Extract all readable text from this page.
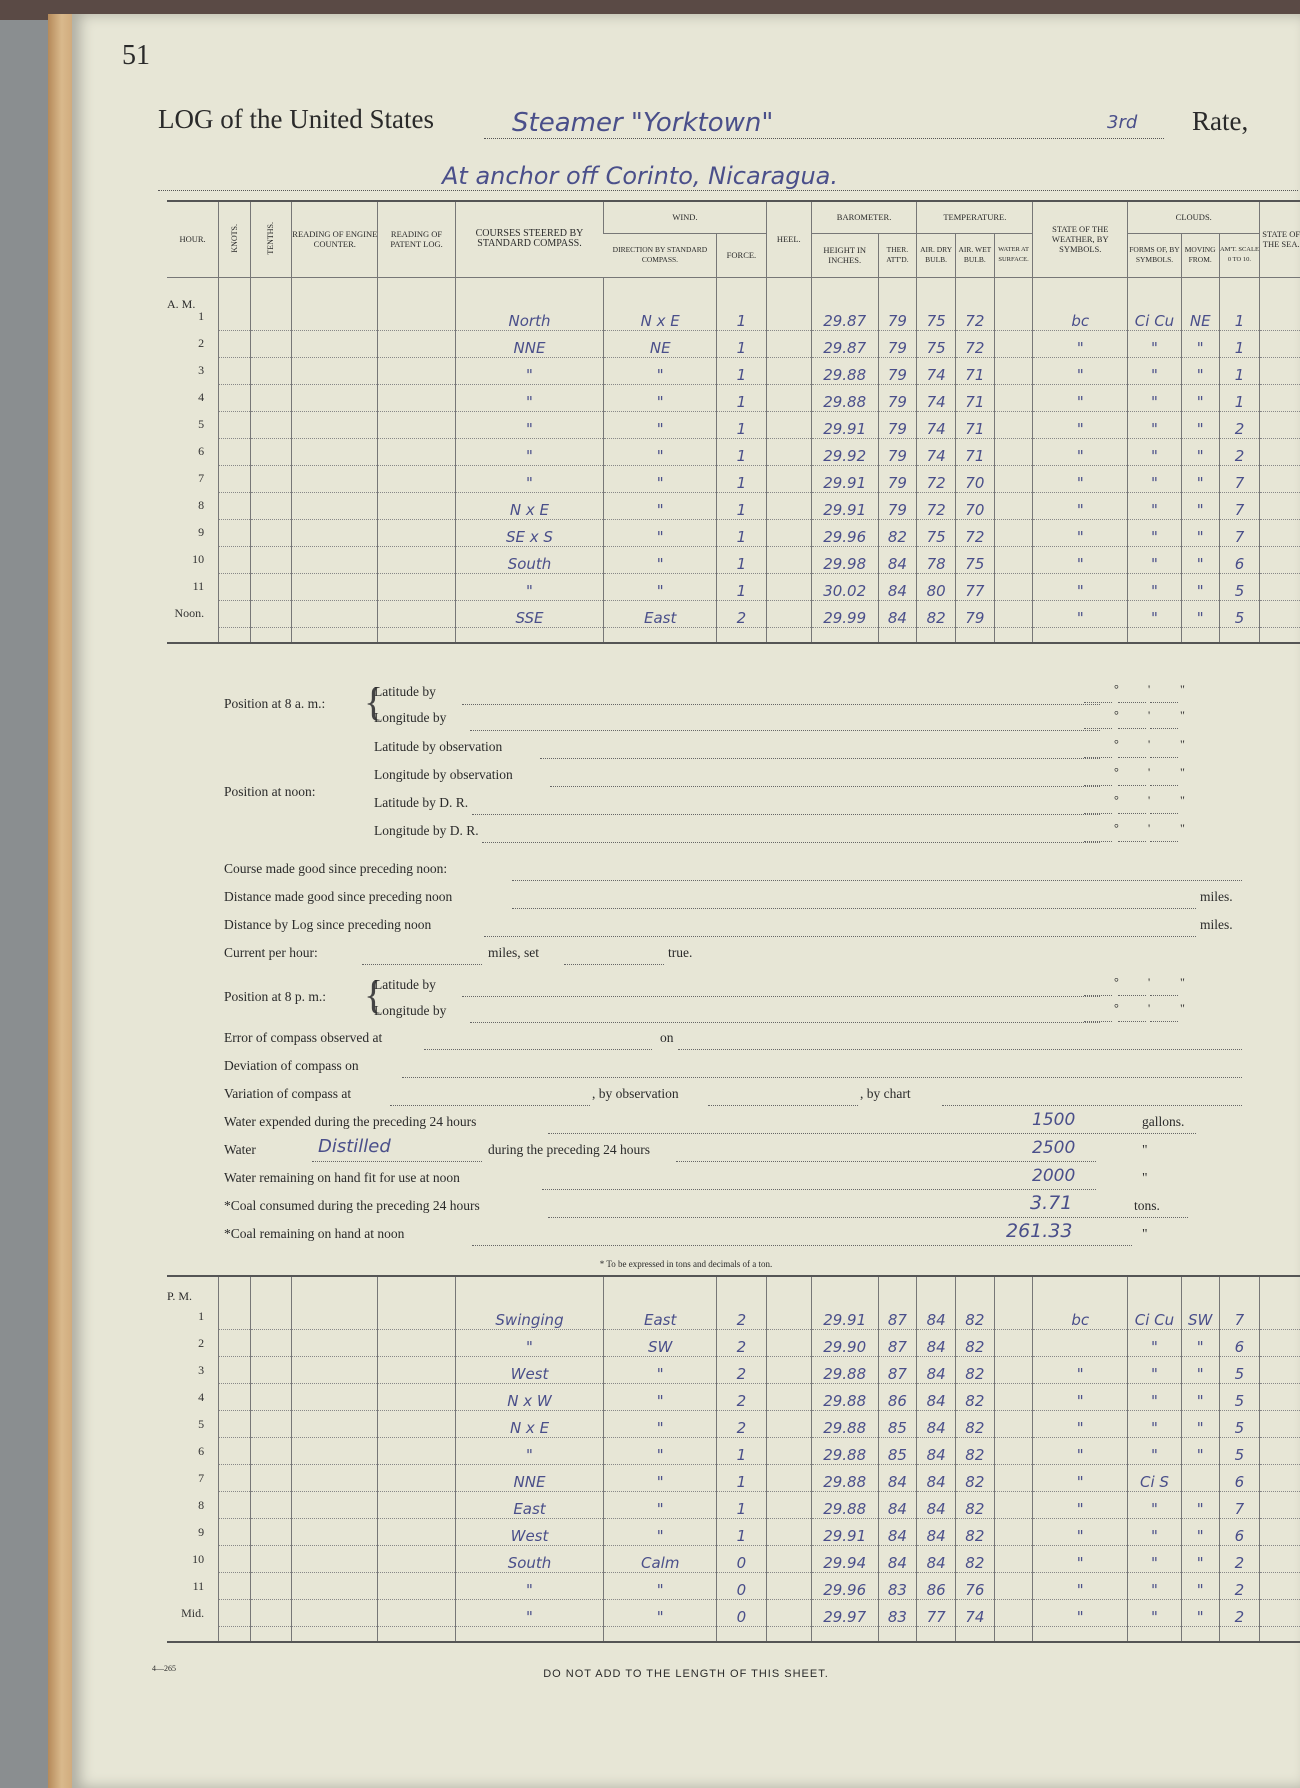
51
LOG of the United States	Steamer "Yorktown"	3rd Rate,
At anchor off Corinto, Nicaragua.
HOUR.	KNOTS.	TENTHS.	READING OF ENGINE COUNTER.	READING OF PATENT LOG.	COURSES STEERED BY STANDARD COMPASS.	WIND.		HEEL.	BAROMETER.		TEMPERATURE.			STATE OF THE WEATHER, BY SYMBOLS.	CLOUDS.			STATE OF THE SEA.
						DIRECTION BY STANDARD COMPASS.	FORCE.		HEIGHT IN INCHES.	THER. ATT'D.	AIR. DRY BULB.	AIR. WET BULB.	WATER AT SURFACE.		FORMS OF, BY SYMBOLS.	MOVING FROM.	AM'T. SCALE 0 TO 10.	

1					North	N x E	1		29.87	79	75	72		bc	Ci Cu	NE	1	
2					NNE	NE	1		29.87	79	75	72		"	"	"	1	
3					"	"	1		29.88	79	74	71		"	"	"	1	
4					"	"	1		29.88	79	74	71		"	"	"	1	
5					"	"	1		29.91	79	74	71		"	"	"	2	
6					"	"	1		29.92	79	74	71		"	"	"	2	
7					"	"	1		29.91	79	72	70		"	"	"	7	
8					N x E	"	1		29.91	79	72	70		"	"	"	7	
9					SE x S	"	1		29.96	82	75	72		"	"	"	7	
10					South	"	1		29.98	84	78	75		"	"	"	6	
11					"	"	1		30.02	84	80	77		"	"	"	5	
Noon.					SSE	East	2		29.99	84	82	79		"	"	"	5	

A. M.
Position at 8 a. m.: {
Latitude by
Longitude by
Position at noon:
Latitude by observation
Longitude by observation
Latitude by D. R.
Longitude by D. R.
Course made good since preceding noon:
Distance made good since preceding noon	miles.
Distance by Log since preceding noon	miles.
Current per hour:	miles, set	true.
Position at 8 p. m.: {
Latitude by
Longitude by
Error of compass observed at	on
Deviation of compass on
Variation of compass at	, by observation	, by chart
Water expended during the preceding 24 hours	1500	gallons.
Water	Distilled	during the preceding 24 hours	2500	"
Water remaining on hand fit for use at noon	2000	"
*Coal consumed during the preceding 24 hours	3.71	tons.
*Coal remaining on hand at noon	261.33	"
* To be expressed in tons and decimals of a ton.

1					Swinging	East	2		29.91	87	84	82		bc	Ci Cu	SW	7	
2					"	SW	2		29.90	87	84	82			"	"	6	
3					West	"	2		29.88	87	84	82		"	"	"	5	
4					N x W	"	2		29.88	86	84	82		"	"	"	5	
5					N x E	"	2		29.88	85	84	82		"	"	"	5	
6					"	"	1		29.88	85	84	82		"	"	"	5	
7					NNE	"	1		29.88	84	84	82		"	Ci S		6	
8					East	"	1		29.88	84	84	82		"	"	"	7	
9					West	"	1		29.91	84	84	82		"	"	"	6	
10					South	Calm	0		29.94	84	84	82		"	"	"	2	
11					"	"	0		29.96	83	86	76		"	"	"	2	
Mid.					"	"	0		29.97	83	77	74		"	"	"	2	

P. M.
4—265	DO NOT ADD TO THE LENGTH OF THIS SHEET.
° ' "
° ' "
° ' "
° ' "
° ' "
° ' "
° ' "
° ' "
